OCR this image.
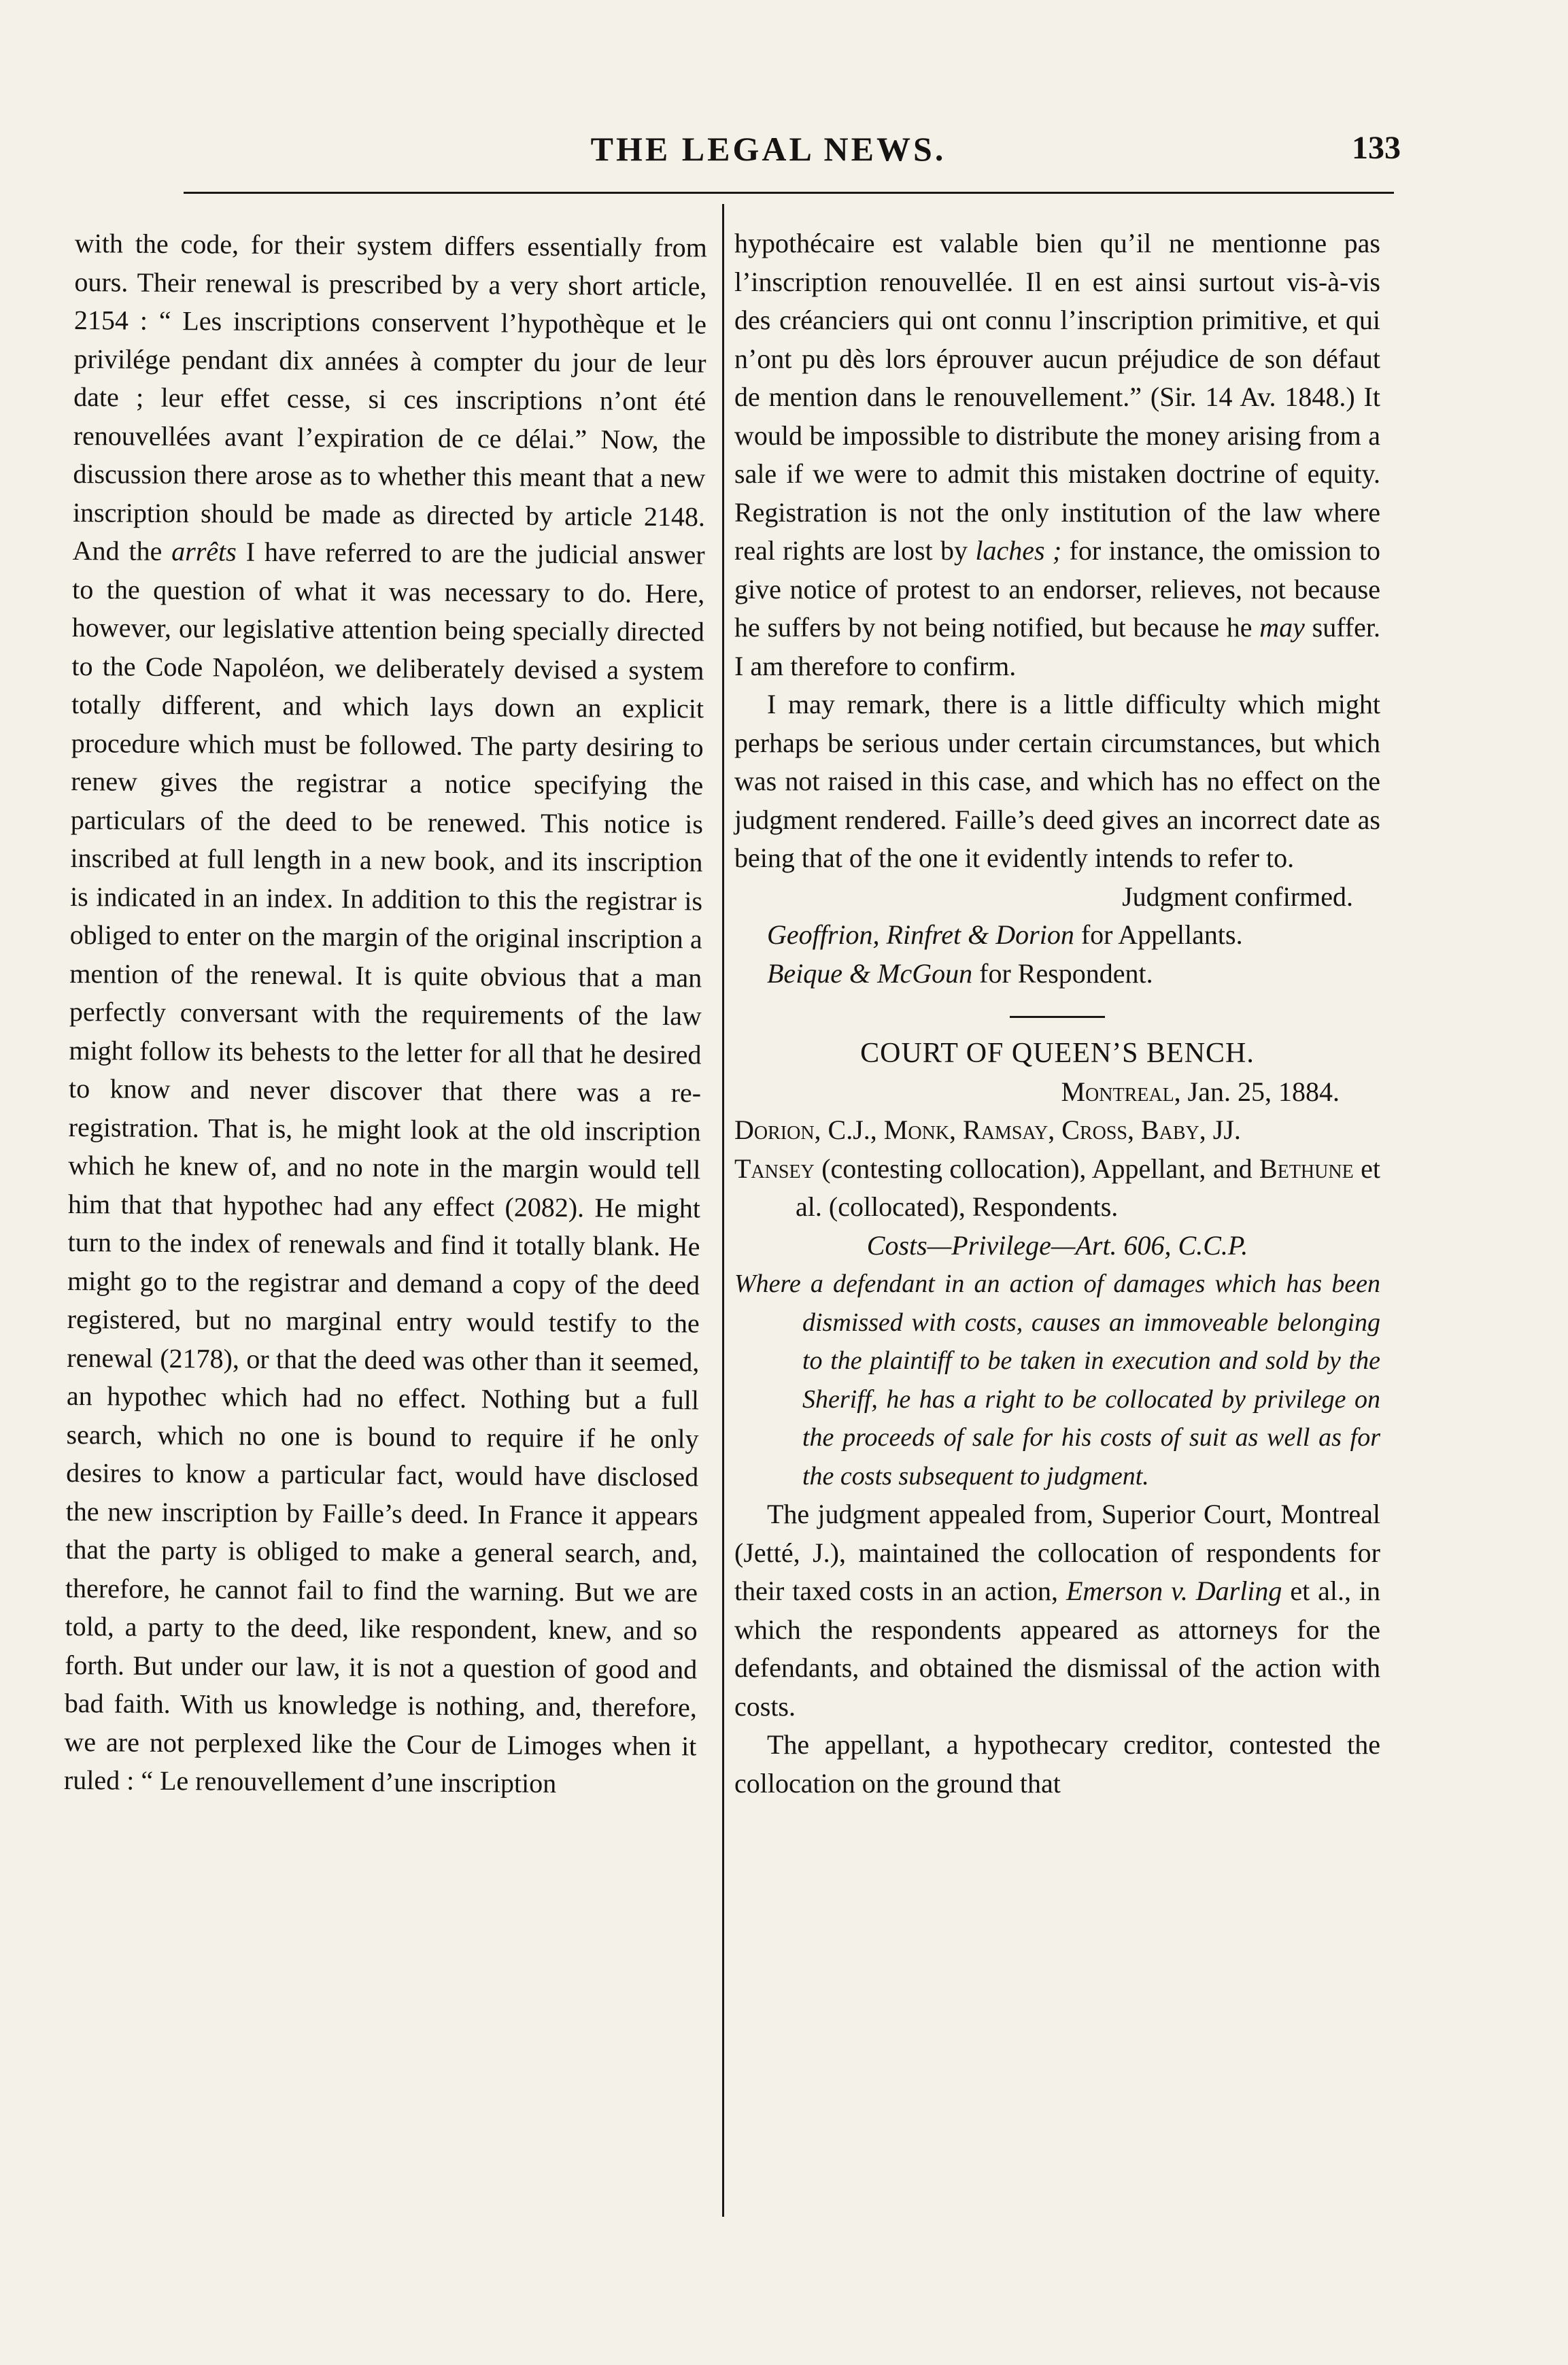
THE LEGAL NEWS.	133

with the code, for their system differs essentially from ours. Their renewal is prescribed by a very short article, 2154 : “ Les inscriptions conservent l’hypothèque et le privilége pendant dix années à compter du jour de leur date ; leur effet cesse, si ces inscriptions n’ont été renouvellées avant l’expiration de ce délai.” Now, the discussion there arose as to whether this meant that a new inscription should be made as directed by article 2148. And the arrêts I have referred to are the judicial answer to the question of what it was necessary to do. Here, however, our legislative attention being specially directed to the Code Napoléon, we deliberately devised a system totally different, and which lays down an explicit procedure which must be followed. The party desiring to renew gives the registrar a notice specifying the particulars of the deed to be renewed. This notice is inscribed at full length in a new book, and its inscription is indicated in an index. In addition to this the registrar is obliged to enter on the margin of the original inscription a mention of the renewal. It is quite obvious that a man perfectly conversant with the requirements of the law might follow its behests to the letter for all that he desired to know and never discover that there was a re-registration. That is, he might look at the old inscription which he knew of, and no note in the margin would tell him that that hypothec had any effect (2082). He might turn to the index of renewals and find it totally blank. He might go to the registrar and demand a copy of the deed registered, but no marginal entry would testify to the renewal (2178), or that the deed was other than it seemed, an hypothec which had no effect. Nothing but a full search, which no one is bound to require if he only desires to know a particular fact, would have disclosed the new inscription by Faille’s deed. In France it appears that the party is obliged to make a general search, and, therefore, he cannot fail to find the warning. But we are told, a party to the deed, like respondent, knew, and so forth. But under our law, it is not a question of good and bad faith. With us knowledge is nothing, and, therefore, we are not perplexed like the Cour de Limoges when it ruled : “ Le renouvellement d’une inscription

hypothécaire est valable bien qu’il ne mentionne pas l’inscription renouvellée. Il en est ainsi surtout vis-à-vis des créanciers qui ont connu l’inscription primitive, et qui n’ont pu dès lors éprouver aucun préjudice de son défaut de mention dans le renouvellement.” (Sir. 14 Av. 1848.) It would be impossible to distribute the money arising from a sale if we were to admit this mistaken doctrine of equity. Registration is not the only institution of the law where real rights are lost by laches ; for instance, the omission to give notice of protest to an endorser, relieves, not because he suffers by not being notified, but because he may suffer. I am therefore to confirm.

I may remark, there is a little difficulty which might perhaps be serious under certain circumstances, but which was not raised in this case, and which has no effect on the judgment rendered. Faille’s deed gives an incorrect date as being that of the one it evidently intends to refer to.

Judgment confirmed.

Geoffrion, Rinfret & Dorion for Appellants.

Beique & McGoun for Respondent.

COURT OF QUEEN’S BENCH.

Montreal, Jan. 25, 1884.

Dorion, C.J., Monk, Ramsay, Cross, Baby, JJ.

Tansey (contesting collocation), Appellant, and Bethune et al. (collocated), Respondents.

Costs—Privilege—Art. 606, C.C.P.

Where a defendant in an action of damages which has been dismissed with costs, causes an immoveable belonging to the plaintiff to be taken in execution and sold by the Sheriff, he has a right to be collocated by privilege on the proceeds of sale for his costs of suit as well as for the costs subsequent to judgment.

The judgment appealed from, Superior Court, Montreal (Jetté, J.), maintained the collocation of respondents for their taxed costs in an action, Emerson v. Darling et al., in which the respondents appeared as attorneys for the defendants, and obtained the dismissal of the action with costs.

The appellant, a hypothecary creditor, contested the collocation on the ground that
